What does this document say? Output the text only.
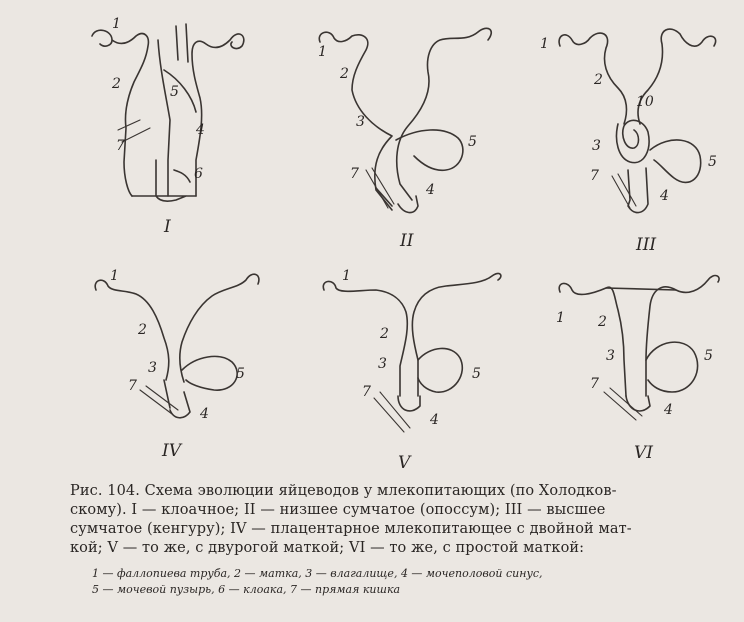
1
2	5
4
7
6
I
1
2
3
5
7
4
II
1
2
10
3
5
7
4
III
1
2
3	5
7
4
IV
1
2
3
5
7
4
V
1 2
3	5
7
4
VI

Рис. 104. Схема эволюции яйцеводов у млекопитающих (по Холодков-

скому). I — клоачное; II — низшее сумчатое (опоссум); III — высшее

сумчатое (кенгуру); IV — плацентарное млекопитающее с двойной мат-

кой; V — то же, с двурогой маткой; VI — то же, с простой маткой:

1 — фаллопиева труба, 2 — матка, 3 — влагалище, 4 — мочеполовой синус,

5 — мочевой пузырь, 6 — клоака, 7 — прямая кишка
